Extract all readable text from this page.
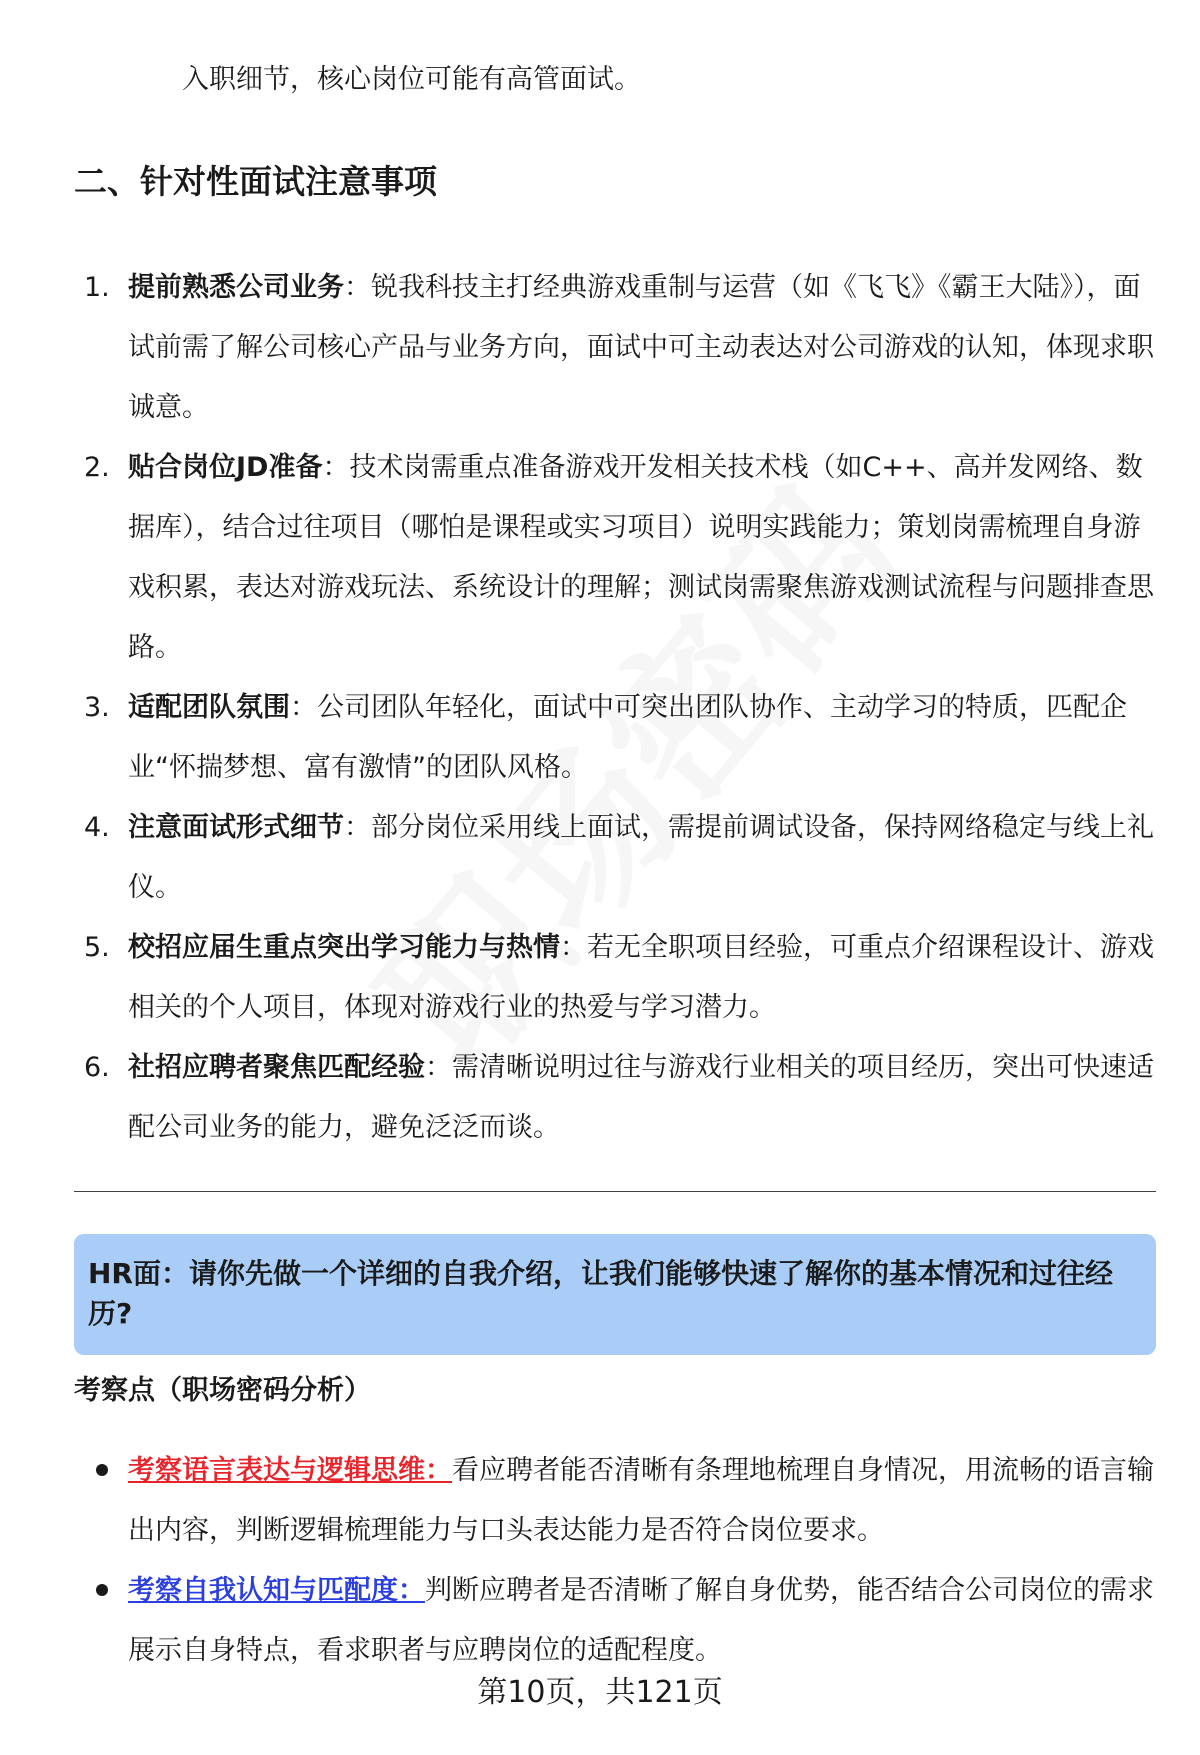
入职细节，核心岗位可能有高管面试。

二、针对性面试注意事项
1. 提前熟悉公司业务：锐我科技主打经典游戏重制与运营（如《飞飞》《霸王大陆》），面试前需了解公司核心产品与业务方向，面试中可主动表达对公司游戏的认知，体现求职诚意。
2. 贴合岗位JD准备：技术岗需重点准备游戏开发相关技术栈（如C++、高并发网络、数据库），结合过往项目（哪怕是课程或实习项目）说明实践能力；策划岗需梳理自身游戏积累，表达对游戏玩法、系统设计的理解；测试岗需聚焦游戏测试流程与问题排查思路。
3. 适配团队氛围：公司团队年轻化，面试中可突出团队协作、主动学习的特质，匹配企业“怀揣梦想、富有激情”的团队风格。
4. 注意面试形式细节：部分岗位采用线上面试，需提前调试设备，保持网络稳定与线上礼仪。
5. 校招应届生重点突出学习能力与热情：若无全职项目经验，可重点介绍课程设计、游戏相关的个人项目，体现对游戏行业的热爱与学习潜力。
6. 社招应聘者聚焦匹配经验：需清晰说明过往与游戏行业相关的项目经历，突出可快速适配公司业务的能力，避免泛泛而谈。

HR面：请你先做一个详细的自我介绍，让我们能够快速了解你的基本情况和过往经历?

考察点（职场密码分析）
考察语言表达与逻辑思维：看应聘者能否清晰有条理地梳理自身情况，用流畅的语言输出内容，判断逻辑梳理能力与口头表达能力是否符合岗位要求。
考察自我认知与匹配度：判断应聘者是否清晰了解自身优势，能否结合公司岗位的需求展示自身特点，看求职者与应聘岗位的适配程度。
第10页，共121页
